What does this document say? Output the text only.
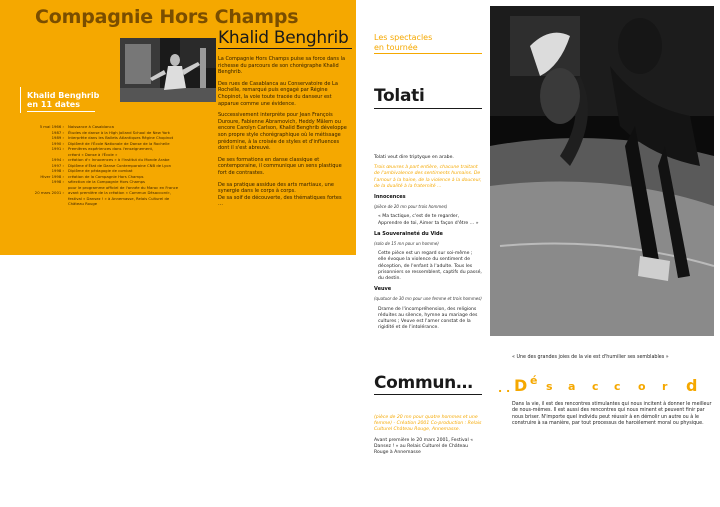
Compagnie Hors Champs
Khalid Benghrib

La Compagnie Hors Champs puise sa force dans la richesse du parcours de son chorégraphe Khalid Benghrib.

Des rues de Casablanca au Conservatoire de La Rochelle, remarqué puis engagé par Régine Chopinot, la voie toute tracée du danseur est apparue comme une évidence.

Successivement interprète pour Jean François Duroure, Fabienne Abramovich, Heddy Mâlem ou encore Carolyn Carlson, Khalid Benghrib développe son propre style chorégraphique où le métissage prédomine, à la croisée de styles et d'influences dont il s'est abreuvé.

De ses formations en danse classique et contemporaine, il communique un sens plastique fort de contrastes.

De sa pratique assidue des arts martiaux, une synergie dans le corps à corps.

De sa soif de découverte, des thématiques fortes …

Khalid Benghrib
en 11 dates
5 mai 1966 ›	Naissance à Casablanca
1987 ›	Études de danse à la High Jolland School de New York
1989 ›	Interprète dans les Ballets Atlantiques Régine Chopinot
1990 ›	Diplômé de l'École Nationale de Danse de la Rochelle
1991 ›	Premières expériences dans l'enseignement,
créant « Danse à l'École »
1994 ›	création d'« Innocences » à l'Institut du Monde Arabe
1997 ›	Diplôme d'État de Danse Contemporaine CNB de Lyon
1998 ›	Diplôme de pédagogie de combat
Hiver 1998 ›	création de la Compagnie Hors Champs
1998 ›	sélection de la Compagnie Hors Champs
pour le programme officiel de l'année du Maroc en France
20 mars 2001 ›	avant première de la création « Commun Désaccord»,
festival « Dansez ! » à Annemasse, Relais Culturel de
Château Rouge
Les spectacles
en tournée
Tolati

Tolati veut dire triptyque en arabe.

Trois œuvres à part entière, chacune traitant de l'ambivalence des sentiments humains. De l'amour à la haine, de la violence à la douceur, de la dualité à la fraternité …

Innocences

(pièce de 20 mn pour trois hommes)

« Ma tactique, c'est de te regarder, Apprendre de toi, Aimer ta façon d'être … »

La Souveraineté du Vide

(solo de 15 mn pour un homme)

Cette pièce est un regard sur soi-même ; elle évoque la violence du sentiment de déception, de l'enfant à l'adulte. Tous les prisonniers se ressemblent, captifs du passé, du destin.

Veuve

(quatuor de 30 mn pour une femme et trois hommes)

Drame de l'incompréhension, des religions réduites au silence, hymne au mariage des cultures ; Veuve est l'amer constat de la rigidité et de l'intolérance.

« Une des grandes joies de la vie est d'humilier ses semblables »
Commun…

(pièce de 20 mn pour quatre hommes et une femme) - Création 2001 Co-production : Relais Culturel Château Rouge, Annemasse.

Avant première le 20 mars 2001, Festival « Dansez ! » au Relais Culturel de Château Rouge à Annemasse

. . D é s a c c o r d

Dans la vie, il est des rencontres stimulantes qui nous incitent à donner le meilleur de nous-mêmes. Il est aussi des rencontres qui nous minent et peuvent finir par nous briser. N'importe quel individu peut réussir à en démolir un autre ou à le construire à sa manière, par tout processus de harcèlement moral ou physique.
